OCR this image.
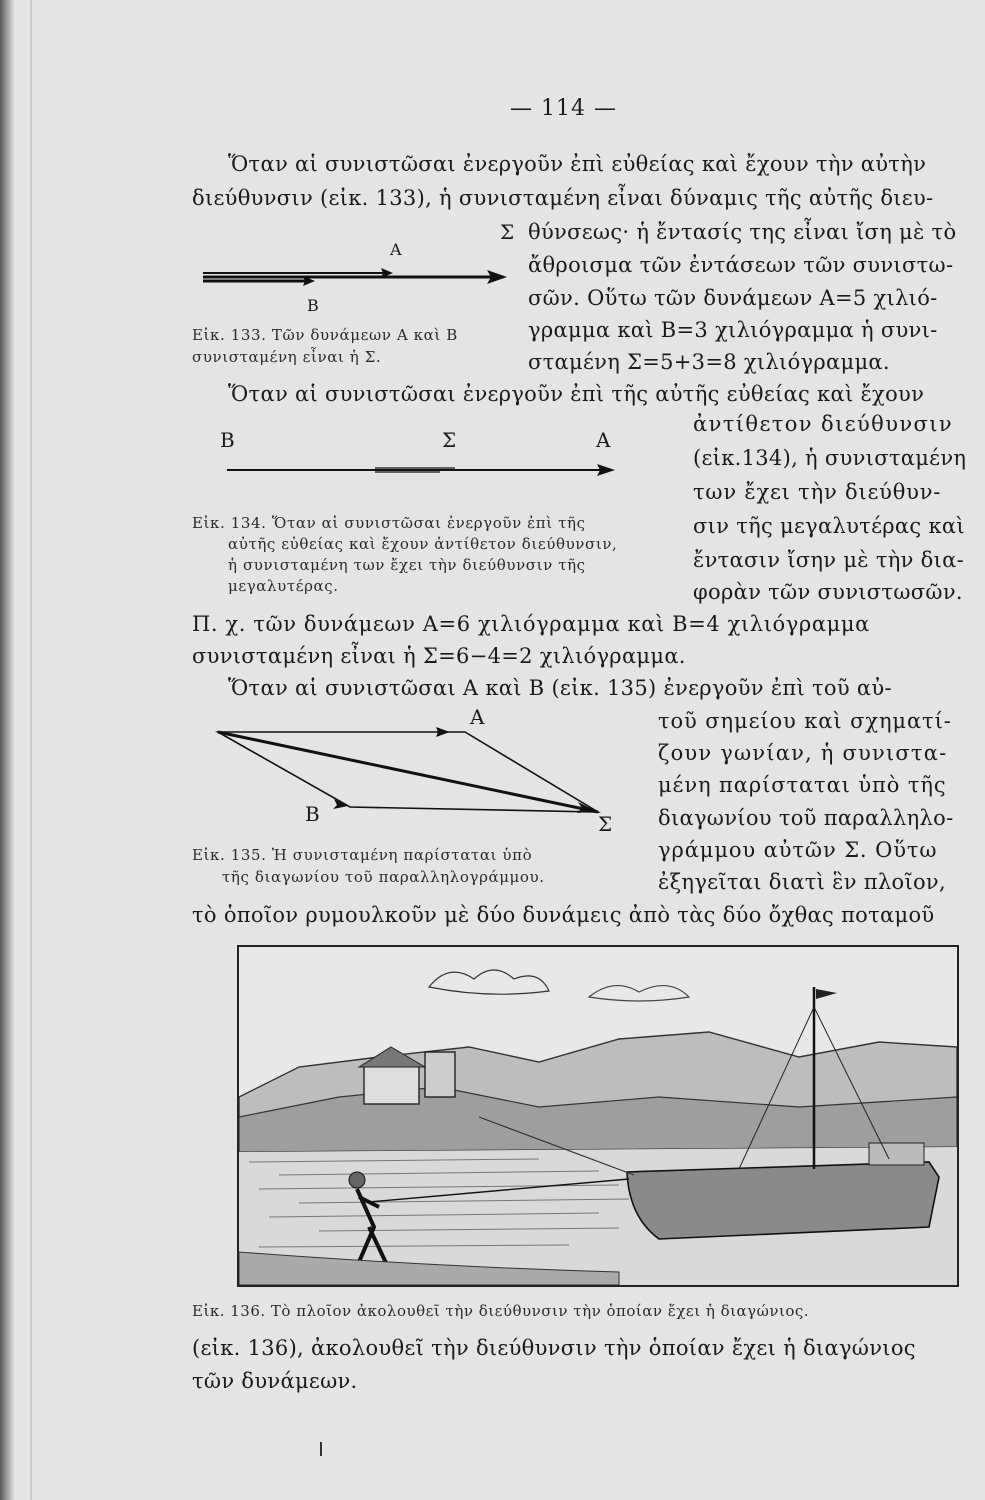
— 114 —
Ὅταν αἱ συνιστῶσαι ἐνεργοῦν ἐπὶ εὐθείας καὶ ἔχουν τὴν αὐτὴν
διεύθυνσιν (εἰκ. 133), ἡ συνισταμένη εἶναι δύναμις τῆς αὐτῆς διευ-
θύνσεως· ἡ ἔντασίς της εἶναι ἴση μὲ τὸ
ἄθροισμα τῶν ἐντάσεων τῶν συνιστω-
σῶν. Οὕτω τῶν δυνάμεων Α=5 χιλιό-
γραμμα καὶ Β=3 χιλιόγραμμα ἡ συνι-
σταμένη Σ=5+3=8 χιλιόγραμμα.
Σ
Α
Β
Εἰκ. 133. Τῶν δυνάμεων Α καὶ Β
συνισταμένη εἶναι ἡ Σ.
Ὅταν αἱ συνιστῶσαι ἐνεργοῦν ἐπὶ τῆς αὐτῆς εὐθείας καὶ ἔχουν
ἀντίθετον διεύθυνσιν
(εἰκ.134), ἡ συνισταμένη
των ἔχει τὴν διεύθυν-
σιν τῆς μεγαλυτέρας καὶ
ἔντασιν ἴσην μὲ τὴν δια-
φορὰν τῶν συνιστωσῶν.
Π. χ. τῶν δυνάμεων Α=6 χιλιόγραμμα καὶ Β=4 χιλιόγραμμα
συνισταμένη εἶναι ἡ Σ=6−4=2 χιλιόγραμμα.
Β	Σ	Α
Εἰκ. 134. Ὅταν αἱ συνιστῶσαι ἐνεργοῦν ἐπὶ τῆς
αὐτῆς εὐθείας καὶ ἔχουν ἀντίθετον διεύθυνσιν,
ἡ συνισταμένη των ἔχει τὴν διεύθυνσιν τῆς
μεγαλυτέρας.
Ὅταν αἱ συνιστῶσαι Α καὶ Β (εἰκ. 135) ἐνεργοῦν ἐπὶ τοῦ αὐ-
τοῦ σημείου καὶ σχηματί-
ζουν γωνίαν, ἡ συνιστα-
μένη παρίσταται ὑπὸ τῆς
διαγωνίου τοῦ παραλληλο-
γράμμου αὐτῶν Σ. Οὕτω
ἐξηγεῖται διατὶ ἓν πλοῖον,
τὸ ὁποῖον ρυμουλκοῦν μὲ δύο δυνάμεις ἀπὸ τὰς δύο ὄχθας ποταμοῦ
Α
Β	Σ
Εἰκ. 135. Ἡ συνισταμένη παρίσταται ὑπὸ
τῆς διαγωνίου τοῦ παραλληλογράμμου.
Εἰκ. 136. Τὸ πλοῖον ἀκολουθεῖ τὴν διεύθυνσιν τὴν ὁποίαν ἔχει ἡ διαγώνιος.
(εἰκ. 136), ἀκολουθεῖ τὴν διεύθυνσιν τὴν ὁποίαν ἔχει ἡ διαγώνιος
τῶν δυνάμεων.
